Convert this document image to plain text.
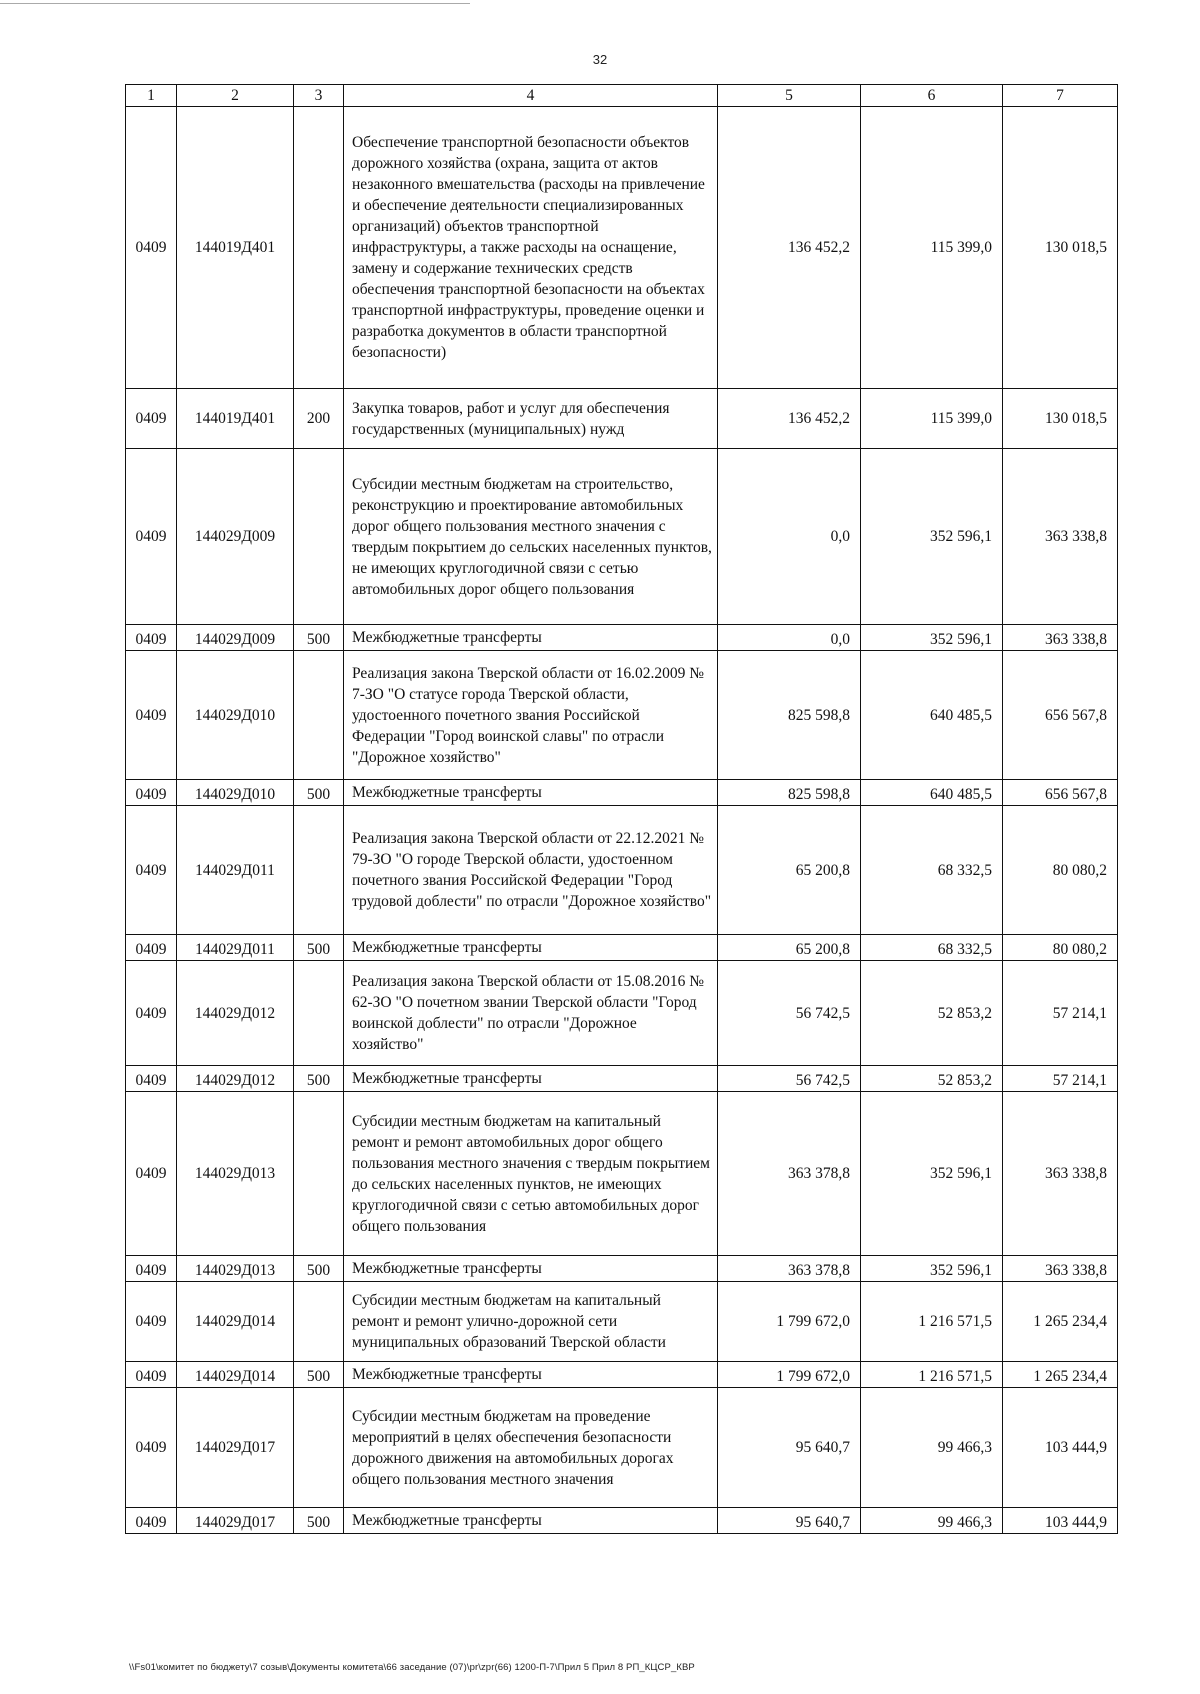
32
1	2	3	4	5	6	7
0409	144019Д401		Обеспечение транспортной безопасности объектов дорожного хозяйства (охрана, защита от актов незаконного вмешательства (расходы на привлечение и обеспечение деятельности специализированных организаций) объектов транспортной инфраструктуры, а также расходы на оснащение, замену и содержание технических средств обеспечения транспортной безопасности на объектах транспортной инфраструктуры, проведение оценки и разработка документов в области транспортной безопасности)	136 452,2	115 399,0	130 018,5
0409	144019Д401	200	Закупка товаров, работ и услуг для обеспечения государственных (муниципальных) нужд	136 452,2	115 399,0	130 018,5
0409	144029Д009		Субсидии местным бюджетам на строительство, реконструкцию и проектирование автомобильных дорог общего пользования местного значения с твердым покрытием до сельских населенных пунктов, не имеющих круглогодичной связи с сетью автомобильных дорог общего пользования	0,0	352 596,1	363 338,8
0409	144029Д009	500	Межбюджетные трансферты	0,0	352 596,1	363 338,8
0409	144029Д010		Реализация закона Тверской области от 16.02.2009 № 7-ЗО "О статусе города Тверской области, удостоенного почетного звания Российской Федерации "Город воинской славы" по отрасли "Дорожное хозяйство"	825 598,8	640 485,5	656 567,8
0409	144029Д010	500	Межбюджетные трансферты	825 598,8	640 485,5	656 567,8
0409	144029Д011		Реализация закона Тверской области от 22.12.2021 № 79-ЗО "О городе Тверской области, удостоенном почетного звания Российской Федерации "Город трудовой доблести" по отрасли "Дорожное хозяйство"	65 200,8	68 332,5	80 080,2
0409	144029Д011	500	Межбюджетные трансферты	65 200,8	68 332,5	80 080,2
0409	144029Д012		Реализация закона Тверской области от 15.08.2016 № 62-ЗО "О почетном звании Тверской области "Город воинской доблести" по отрасли "Дорожное хозяйство"	56 742,5	52 853,2	57 214,1
0409	144029Д012	500	Межбюджетные трансферты	56 742,5	52 853,2	57 214,1
0409	144029Д013		Субсидии местным бюджетам на капитальный ремонт и ремонт автомобильных дорог общего пользования местного значения с твердым покрытием до сельских населенных пунктов, не имеющих круглогодичной связи с сетью автомобильных дорог общего пользования	363 378,8	352 596,1	363 338,8
0409	144029Д013	500	Межбюджетные трансферты	363 378,8	352 596,1	363 338,8
0409	144029Д014		Субсидии местным бюджетам на капитальный ремонт и ремонт улично-дорожной сети муниципальных образований Тверской области	1 799 672,0	1 216 571,5	1 265 234,4
0409	144029Д014	500	Межбюджетные трансферты	1 799 672,0	1 216 571,5	1 265 234,4
0409	144029Д017		Субсидии местным бюджетам на проведение мероприятий в целях обеспечения безопасности дорожного движения на автомобильных дорогах общего пользования местного значения	95 640,7	99 466,3	103 444,9
0409	144029Д017	500	Межбюджетные трансферты	95 640,7	99 466,3	103 444,9
\\Fs01\комитет по бюджету\7 созыв\Документы комитета\66 заседание (07)\pr\zpr(66) 1200-П-7\Прил 5 Прил 8 РП_КЦСР_КВР
